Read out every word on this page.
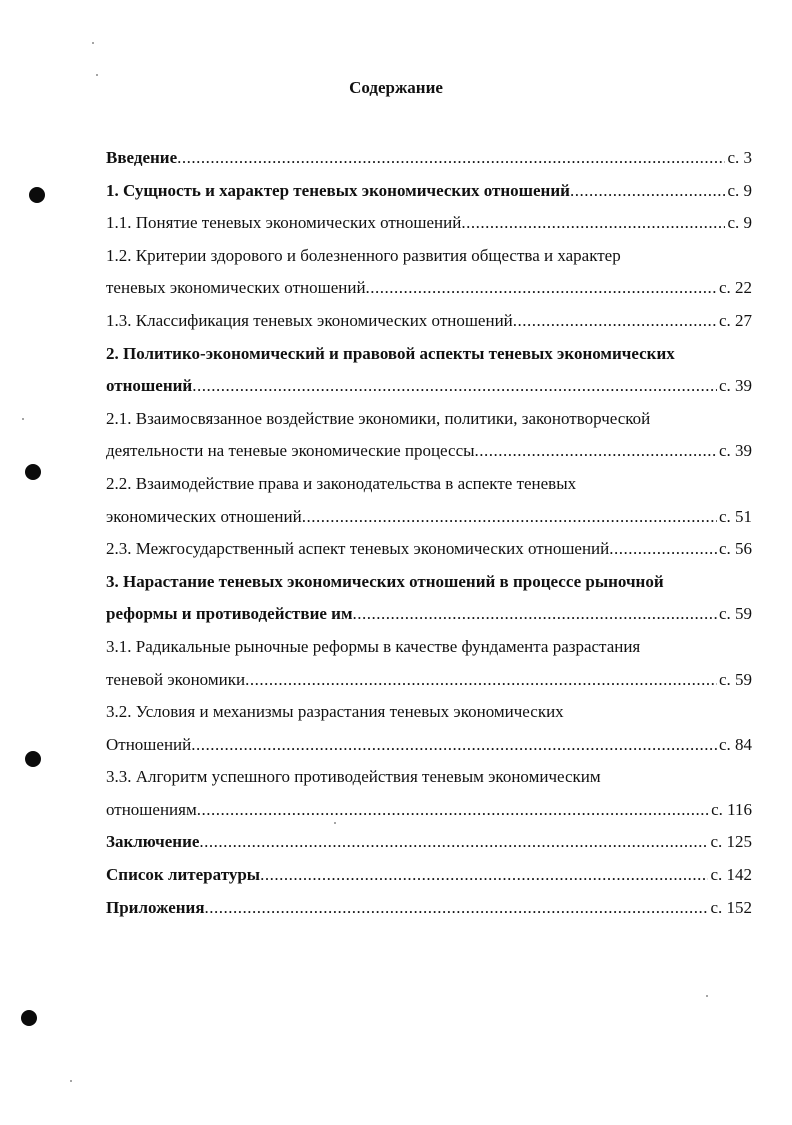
Содержание
Введение .....	с. 3
1. Сущность и характер теневых экономических отношений .....	с. 9
1.1. Понятие теневых экономических отношений .....	с. 9
1.2. Критерии здорового и болезненного развития общества и характер
теневых экономических отношений .....	с. 22
1.3. Классификация теневых экономических отношений .....	с. 27
2. Политико-экономический и правовой аспекты теневых экономических
отношений .....	с. 39
2.1. Взаимосвязанное воздействие экономики, политики, законотворческой
деятельности на теневые экономические процессы .....	с. 39
2.2. Взаимодействие права и законодательства в аспекте теневых
экономических отношений .....	с. 51
2.3. Межгосударственный аспект теневых экономических отношений .....	с. 56
3. Нарастание теневых экономических отношений в процессе рыночной
реформы и противодействие им .....	с. 59
3.1. Радикальные рыночные реформы в качестве фундамента разрастания
теневой экономики .....	с. 59
3.2. Условия и механизмы разрастания теневых экономических
Отношений .....	с. 84
3.3. Алгоритм успешного противодействия теневым экономическим
отношениям .....	с. 116
Заключение .....	с. 125
Список литературы .....	с. 142
Приложения .....	с. 152
